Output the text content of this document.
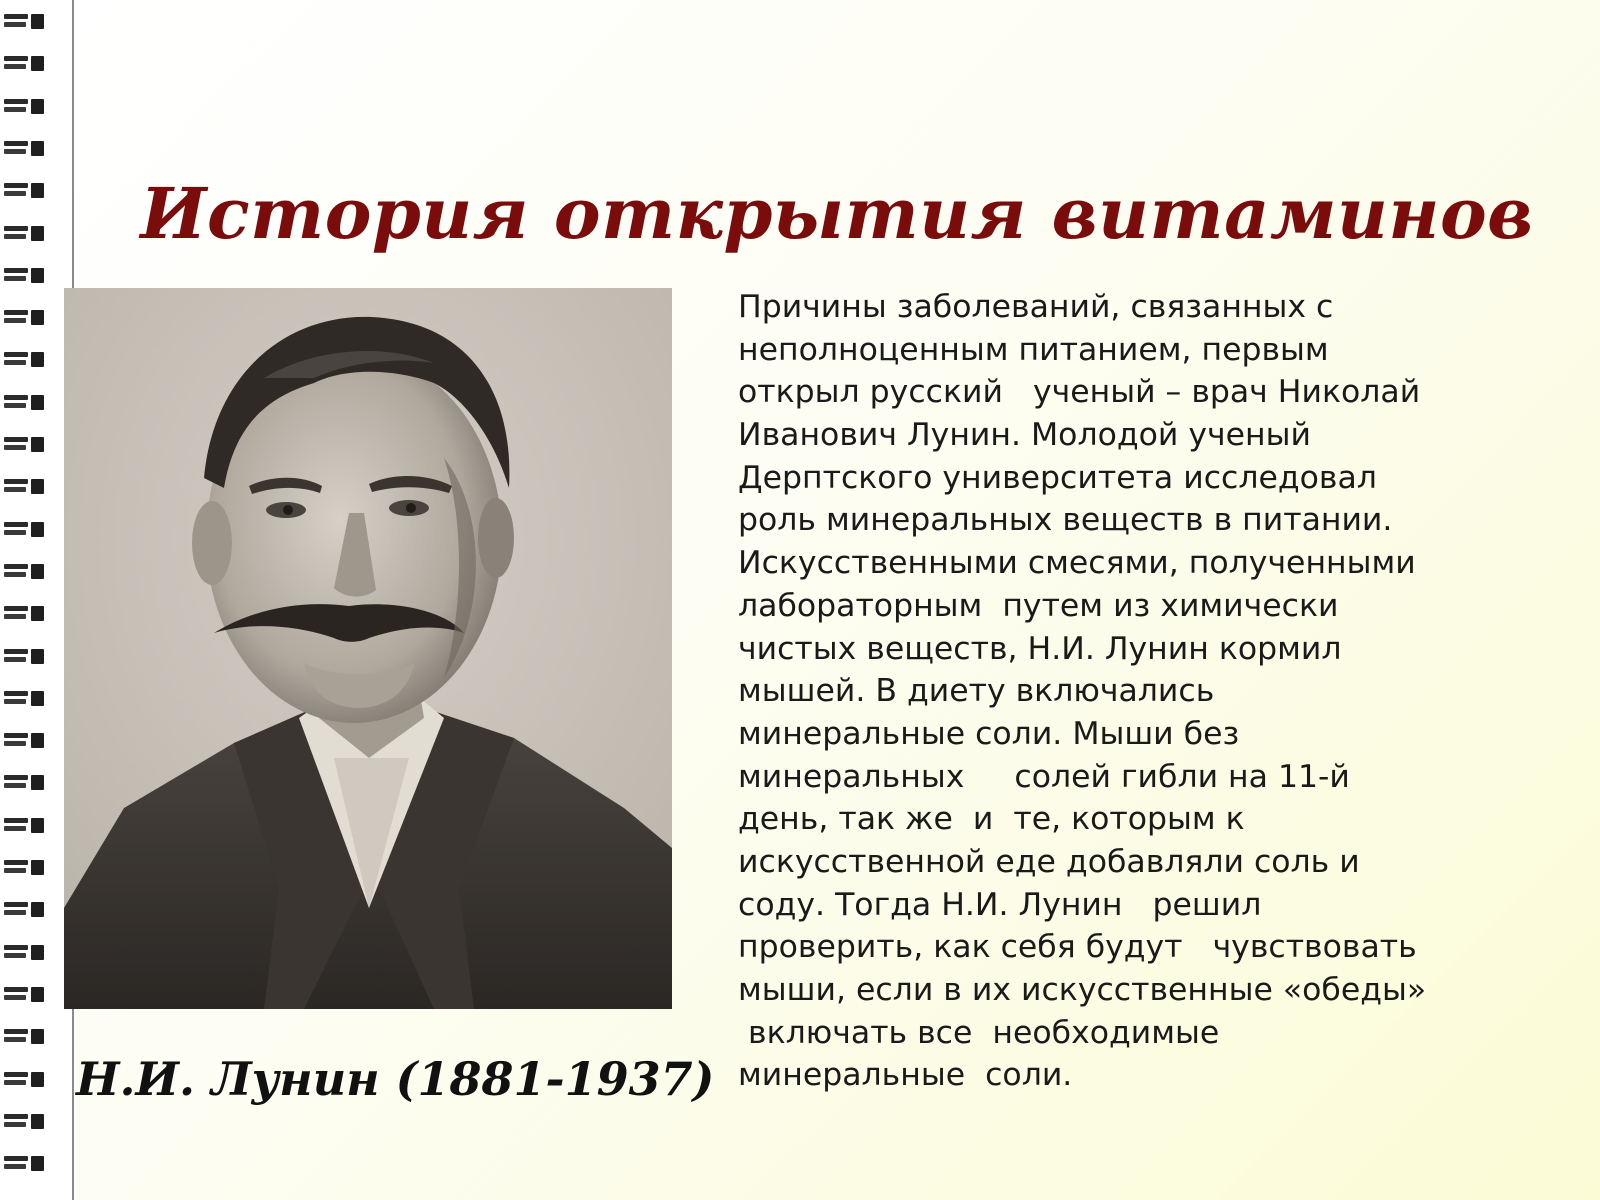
История открытия витаминов
Н.И. Лунин (1881-1937)
Причины заболеваний, связанных с
неполноценным питанием, первым
открыл русский   ученый – врач Николай
Иванович Лунин. Молодой ученый
Дерптского университета исследовал
роль минеральных веществ в питании.
Искусственными смесями, полученными
лабораторным  путем из химически
чистых веществ, Н.И. Лунин кормил
мышей. В диету включались
минеральные соли. Мыши без
минеральных     солей гибли на 11-й
день, так же  и  те, которым к
искусственной еде добавляли соль и
соду. Тогда Н.И. Лунин   решил
проверить, как себя будут   чувствовать
мыши, если в их искусственные «обеды»
включать все  необходимые
минеральные  соли.
